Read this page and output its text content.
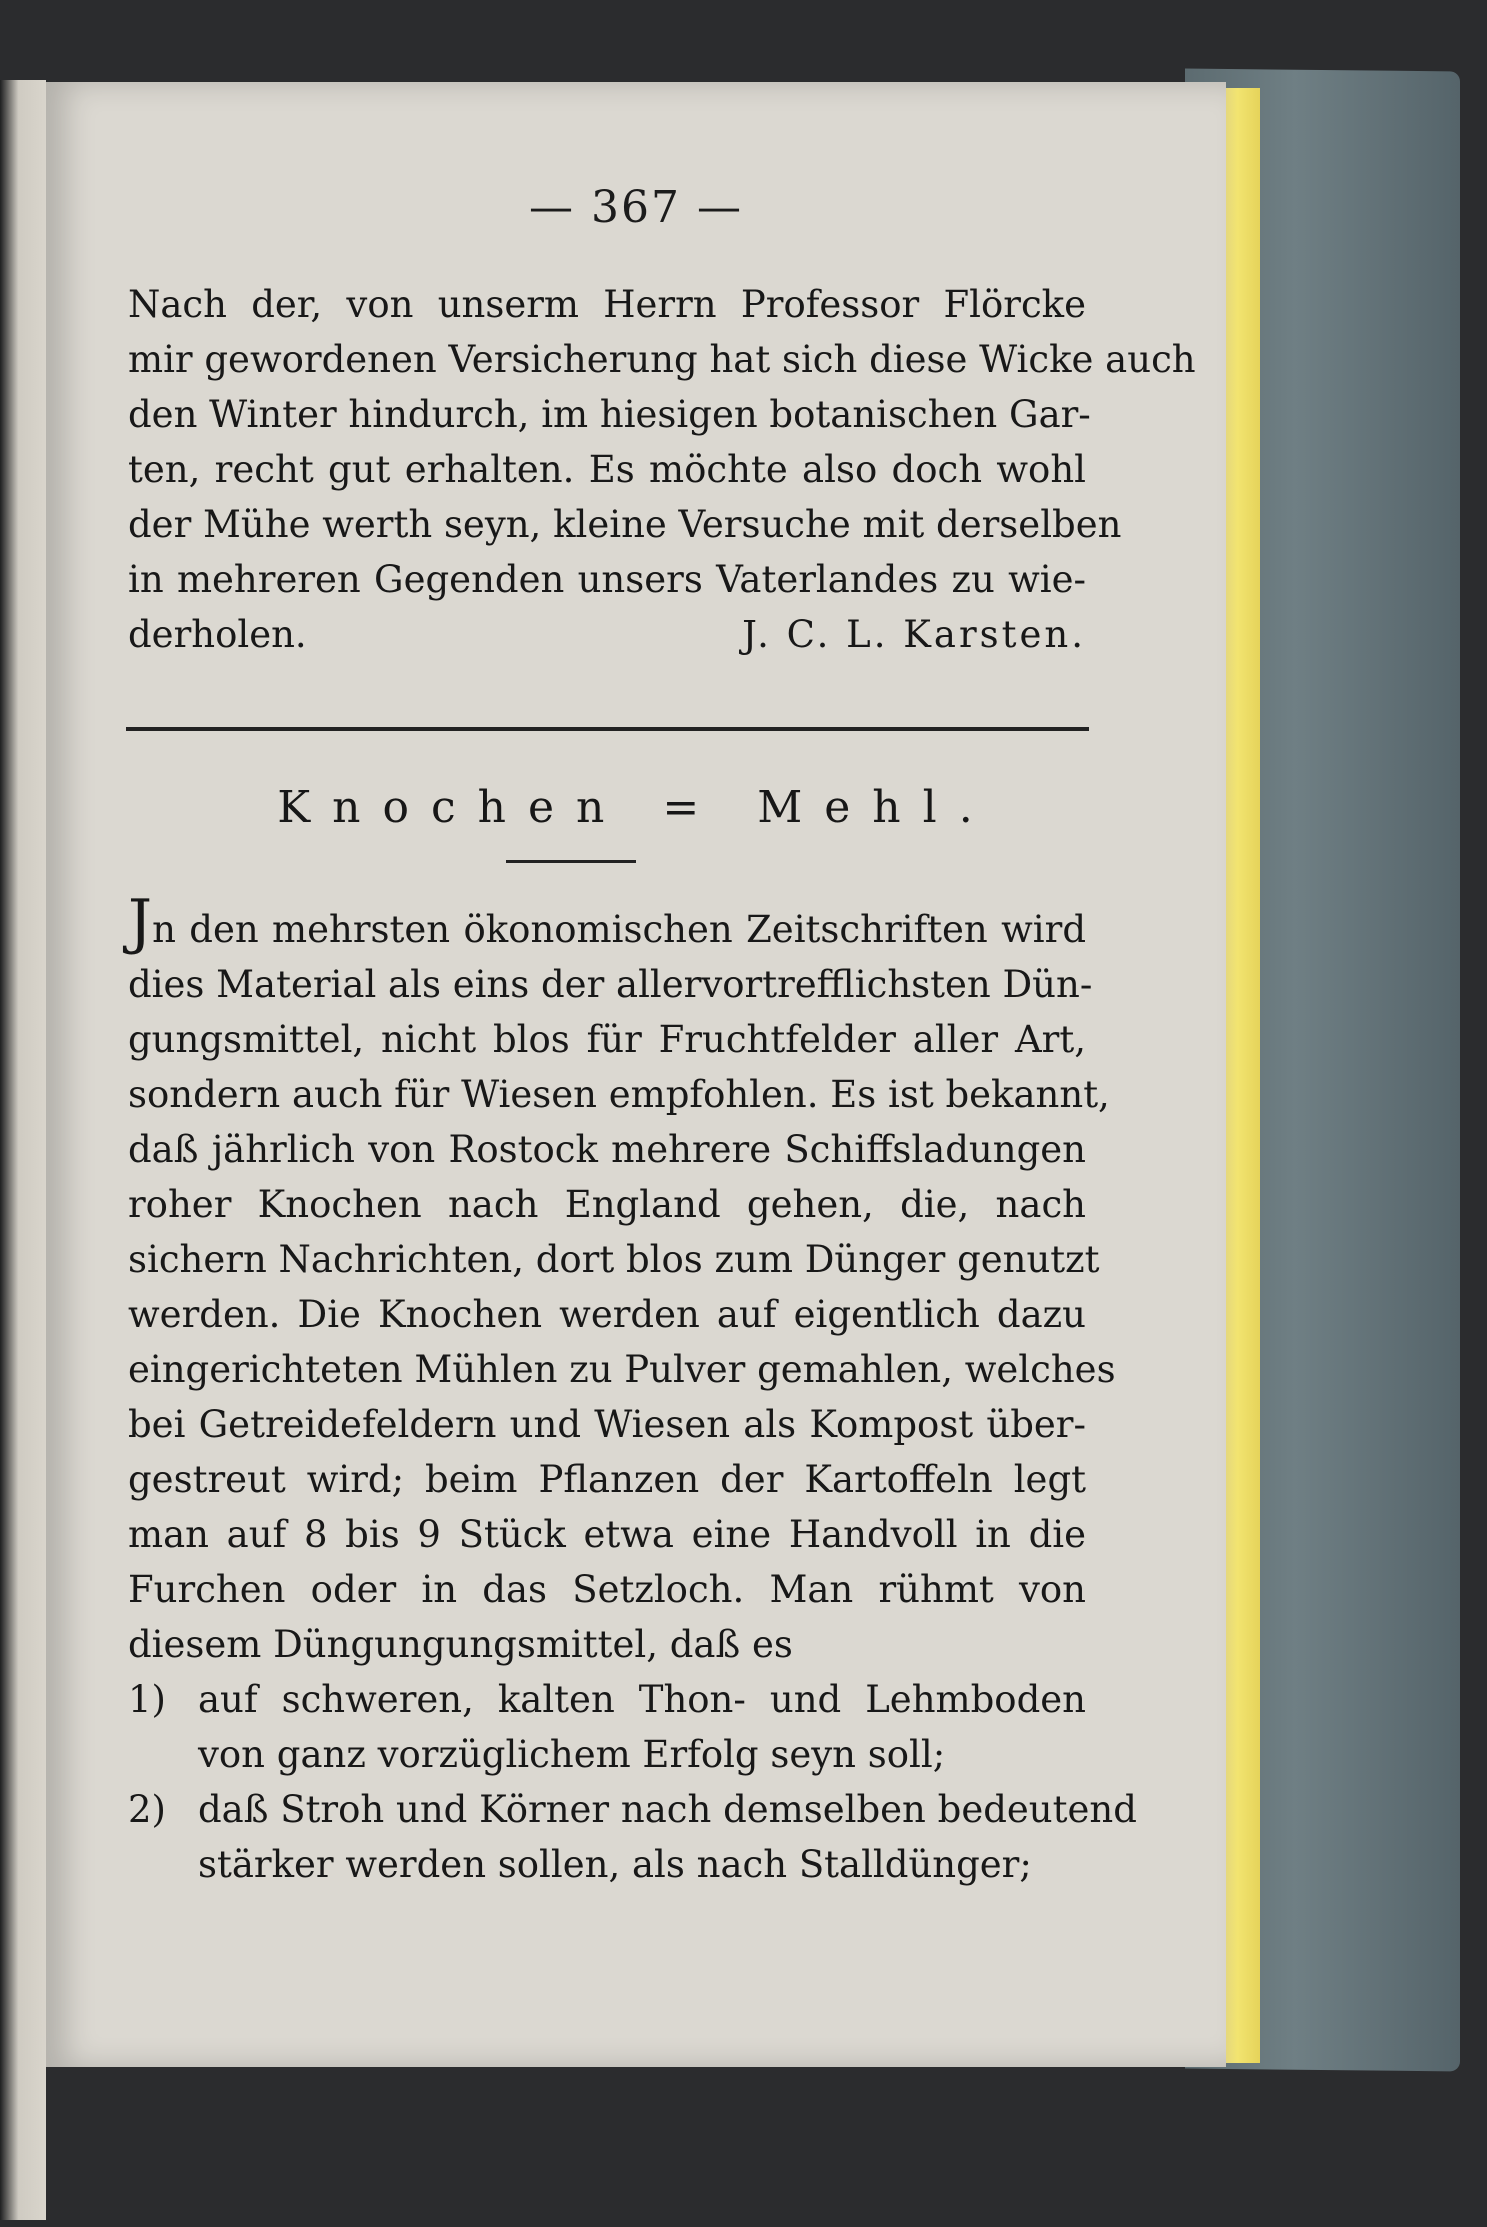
— 367 —
Nach der, von unserm Herrn Professor Flörcke
mir gewordenen Versicherung hat sich diese Wicke auch
den Winter hindurch, im hiesigen botanischen Gar-
ten, recht gut erhalten. Es möchte also doch wohl
der Mühe werth seyn, kleine Versuche mit derselben
in mehreren Gegenden unsers Vaterlandes zu wie-
derholen.	J. C. L. Karsten.
Knochen = Mehl.
Jn den mehrsten ökonomischen Zeitschriften wird
dies Material als eins der allervortrefflichsten Dün-
gungsmittel, nicht blos für Fruchtfelder aller Art,
sondern auch für Wiesen empfohlen. Es ist bekannt,
daß jährlich von Rostock mehrere Schiffsladungen
roher Knochen nach England gehen, die, nach
sichern Nachrichten, dort blos zum Dünger genutzt
werden. Die Knochen werden auf eigentlich dazu
eingerichteten Mühlen zu Pulver gemahlen, welches
bei Getreidefeldern und Wiesen als Kompost über-
gestreut wird; beim Pflanzen der Kartoffeln legt
man auf 8 bis 9 Stück etwa eine Handvoll in die
Furchen oder in das Setzloch. Man rühmt von
diesem Düngungungsmittel, daß es
1) auf schweren, kalten Thon- und Lehmboden
von ganz vorzüglichem Erfolg seyn soll;
2) daß Stroh und Körner nach demselben bedeutend
stärker werden sollen, als nach Stalldünger;
